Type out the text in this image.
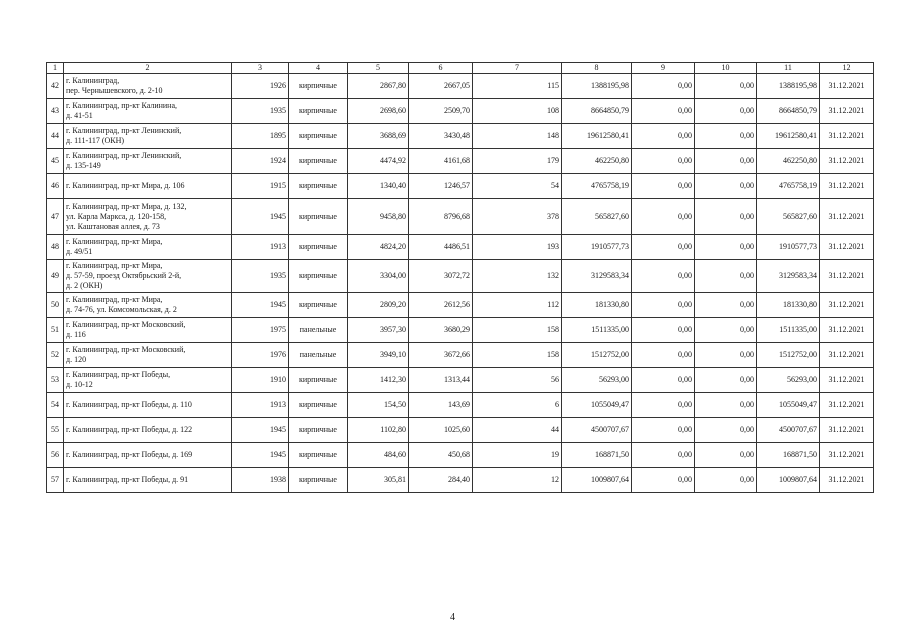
1	2	3	4	5	6	7	8	9	10	11	12
42	г. Калининград,
пер. Чернышевского, д. 2-10	1926	кирпичные	2867,80	2667,05	115	1388195,98	0,00	0,00	1388195,98	31.12.2021
43	г. Калининград, пр-кт Калинина,
д. 41-51	1935	кирпичные	2698,60	2509,70	108	8664850,79	0,00	0,00	8664850,79	31.12.2021
44	г. Калининград, пр-кт Ленинский,
д. 111-117 (ОКН)	1895	кирпичные	3688,69	3430,48	148	19612580,41	0,00	0,00	19612580,41	31.12.2021
45	г. Калининград, пр-кт Ленинский,
д. 135-149	1924	кирпичные	4474,92	4161,68	179	462250,80	0,00	0,00	462250,80	31.12.2021
46	г. Калининград, пр-кт Мира, д. 106	1915	кирпичные	1340,40	1246,57	54	4765758,19	0,00	0,00	4765758,19	31.12.2021
47	г. Калининград, пр-кт Мира, д. 132,
ул. Карла Маркса, д. 120-158,
ул. Каштановая аллея, д. 73	1945	кирпичные	9458,80	8796,68	378	565827,60	0,00	0,00	565827,60	31.12.2021
48	г. Калининград, пр-кт Мира,
д. 49/51	1913	кирпичные	4824,20	4486,51	193	1910577,73	0,00	0,00	1910577,73	31.12.2021
49	г. Калининград, пр-кт Мира,
д. 57-59, проезд Октябрьский 2-й,
д. 2 (ОКН)	1935	кирпичные	3304,00	3072,72	132	3129583,34	0,00	0,00	3129583,34	31.12.2021
50	г. Калининград, пр-кт Мира,
д. 74-76, ул. Комсомольская, д. 2	1945	кирпичные	2809,20	2612,56	112	181330,80	0,00	0,00	181330,80	31.12.2021
51	г. Калининград, пр-кт Московский,
д. 116	1975	панельные	3957,30	3680,29	158	1511335,00	0,00	0,00	1511335,00	31.12.2021
52	г. Калининград, пр-кт Московский,
д. 120	1976	панельные	3949,10	3672,66	158	1512752,00	0,00	0,00	1512752,00	31.12.2021
53	г. Калининград, пр-кт Победы,
д. 10-12	1910	кирпичные	1412,30	1313,44	56	56293,00	0,00	0,00	56293,00	31.12.2021
54	г. Калининград, пр-кт Победы, д. 110	1913	кирпичные	154,50	143,69	6	1055049,47	0,00	0,00	1055049,47	31.12.2021
55	г. Калининград, пр-кт Победы, д. 122	1945	кирпичные	1102,80	1025,60	44	4500707,67	0,00	0,00	4500707,67	31.12.2021
56	г. Калининград, пр-кт Победы, д. 169	1945	кирпичные	484,60	450,68	19	168871,50	0,00	0,00	168871,50	31.12.2021
57	г. Калининград, пр-кт Победы, д. 91	1938	кирпичные	305,81	284,40	12	1009807,64	0,00	0,00	1009807,64	31.12.2021
4
